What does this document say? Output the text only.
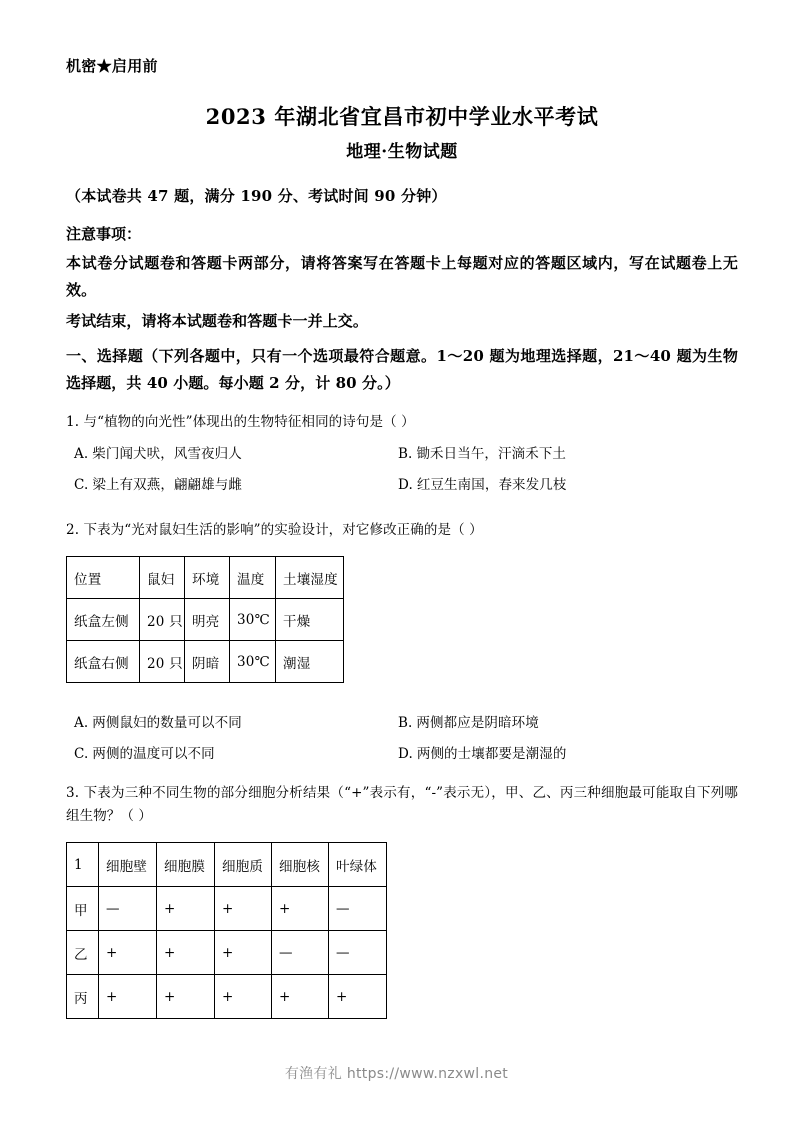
机密★启用前
2023 年湖北省宜昌市初中学业水平考试
地理·生物试题
（本试卷共 47 题，满分 190 分、考试时间 90 分钟）
注意事项：
本试卷分试题卷和答题卡两部分，请将答案写在答题卡上每题对应的答题区域内，写在试题卷上无效。
考试结束，请将本试题卷和答题卡一并上交。
一、选择题（下列各题中，只有一个选项最符合题意。1～20 题为地理选择题，21～40 题为生物选择题，共 40 小题。每小题 2 分，计 80 分。）

1. 与“植物的向光性”体现出的生物特征相同的诗句是（ ）

A. 柴门闻犬吠，风雪夜归人	B. 锄禾日当午，汗滴禾下土
C. 梁上有双燕，翩翩雄与雌	D. 红豆生南国，春来发几枝

2. 下表为“光对鼠妇生活的影响”的实验设计，对它修改正确的是（ ）

位置	鼠妇	环境	温度	土壤湿度
纸盒左侧	20 只	明亮	30℃	干燥
纸盒右侧	20 只	阴暗	30℃	潮湿
A. 两侧鼠妇的数量可以不同	B. 两侧都应是阴暗环境
C. 两侧的温度可以不同	D. 两侧的士壤都要是潮湿的

3. 下表为三种不同生物的部分细胞分析结果（“+”表示有，“-”表示无），甲、乙、丙三种细胞最可能取自下列哪组生物？（ ）

1	细胞壁	细胞膜	细胞质	细胞核	叶绿体
甲	—	+	+	+	—
乙	+	+	+	—	—
丙	+	+	+	+	+
有渔有礼 https://www.nzxwl.net
